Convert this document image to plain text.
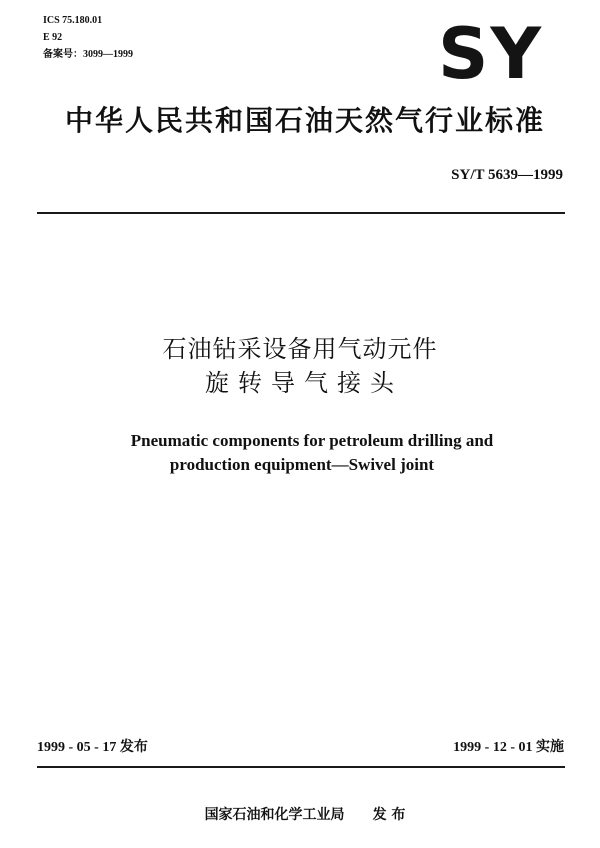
ICS 75.180.01
E 92
备案号：3099—1999	SY
中华人民共和国石油天然气行业标准
SY/T 5639—1999
石油钻采设备用气动元件
旋转导气接头
Pneumatic components for petroleum drilling and
production equipment—Swivel joint
1999 - 05 - 17 发布	1999 - 12 - 01 实施
国家石油和化学工业局 发 布
